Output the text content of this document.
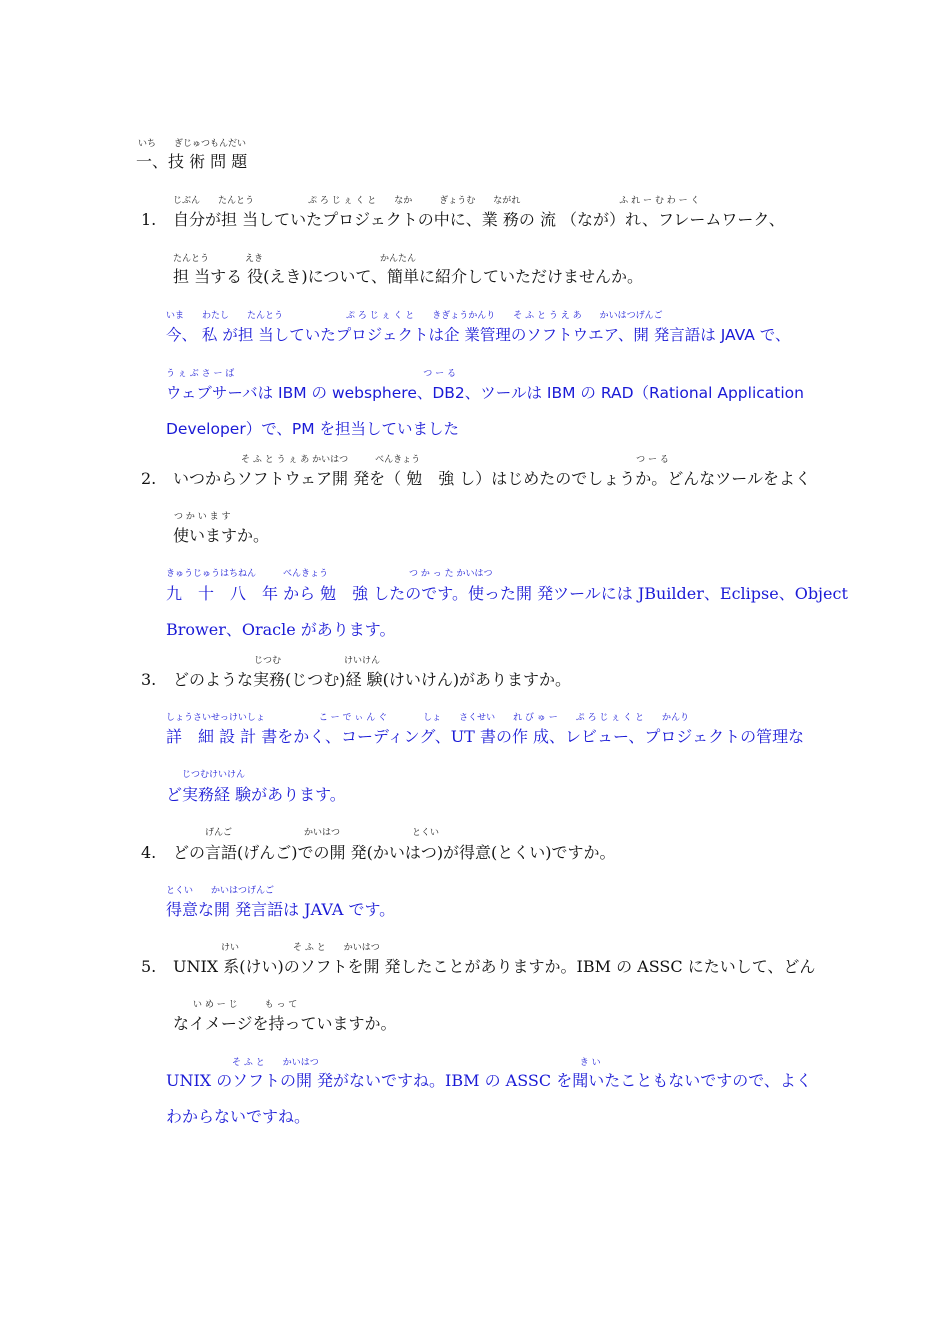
いち　　ぎじゅつもんだい
一、技 術 問 題
じぶん　　たんとう　　　　　　ぷ ろ じ ぇ く と　　なか　　　ぎょうむ　　ながれ　　　　　　　　　　　ふ れ ー む わ ー く
1. 自分が担 当していたプロジェクトの中に、業 務の 流 （なが）れ、フレームワーク、
たんとう　　　　えき　　　　　　　　　　　　　かんたん
担 当する 役(えき)について、簡単に紹介していただけませんか。
いま　　わたし　　たんとう　　　　　　　ぷ ろ じ ぇ く と　　きぎょうかんり　　そ ふ と う え あ　　かいはつげんご
今、 私 が担 当していたプロジェクトは企 業管理のソフトウエア、開 発言語は JAVA で、
う ぇ ぶ さ ー ば　　　　　　　　　　　　　　　　　　　　　つ ー る
ウェブサーバは IBM の websphere、DB2、ツールは IBM の RAD（Rational Application
Developer）で、PM を担当していました
そ ふ と う ぇ あ かいはつ　　　べんきょう　　　　　　　　　　　　　　　　　　　　　　　　つ ー る
2. いつからソフトウェア開 発を（ 勉　強 し）はじめたのでしょうか。どんなツールをよく
つ か い ま す
使いますか。
きゅうじゅうはちねん　　　べんきょう　　　　　　　　　つ か っ た かいはつ
九　十　八　年 から 勉　強 したのです。使った開 発ツールには JBuilder、Eclipse、Object
Brower、Oracle があります。
じつむ　　　　　　　けいけん
3. どのような実務(じつむ)経 験(けいけん)がありますか。
しょうさいせっけいしょ　　　　　　こ ー で ぃ ん ぐ　　　　しょ　　さくせい　　れ び ゅ ー　　ぷ ろ じ ぇ く と　　かんり
詳　細 設 計 書をかく、コーディング、UT 書の作 成、レビュー、プロジェクトの管理な
じつむけいけん
ど実務経 験があります。
げんご　　　　　　　　かいはつ　　　　　　　　とくい
4. どの言語(げんご)での開 発(かいはつ)が得意(とくい)ですか。
とくい　　かいはつげんご
得意な開 発言語は JAVA です。
けい　　　　　　そ ふ と　　かいはつ
5. UNIX 系(けい)のソフトを開 発したことがありますか。IBM の ASSC にたいして、どん
い め ー じ　　　も っ て
なイメージを持っていますか。
そ ふ と　　かいはつ　　　　　　　　　　　　　　　　　　　　　　　　　　　　　き い
UNIX のソフトの開 発がないですね。IBM の ASSC を聞いたこともないですので、よく
わからないですね。
